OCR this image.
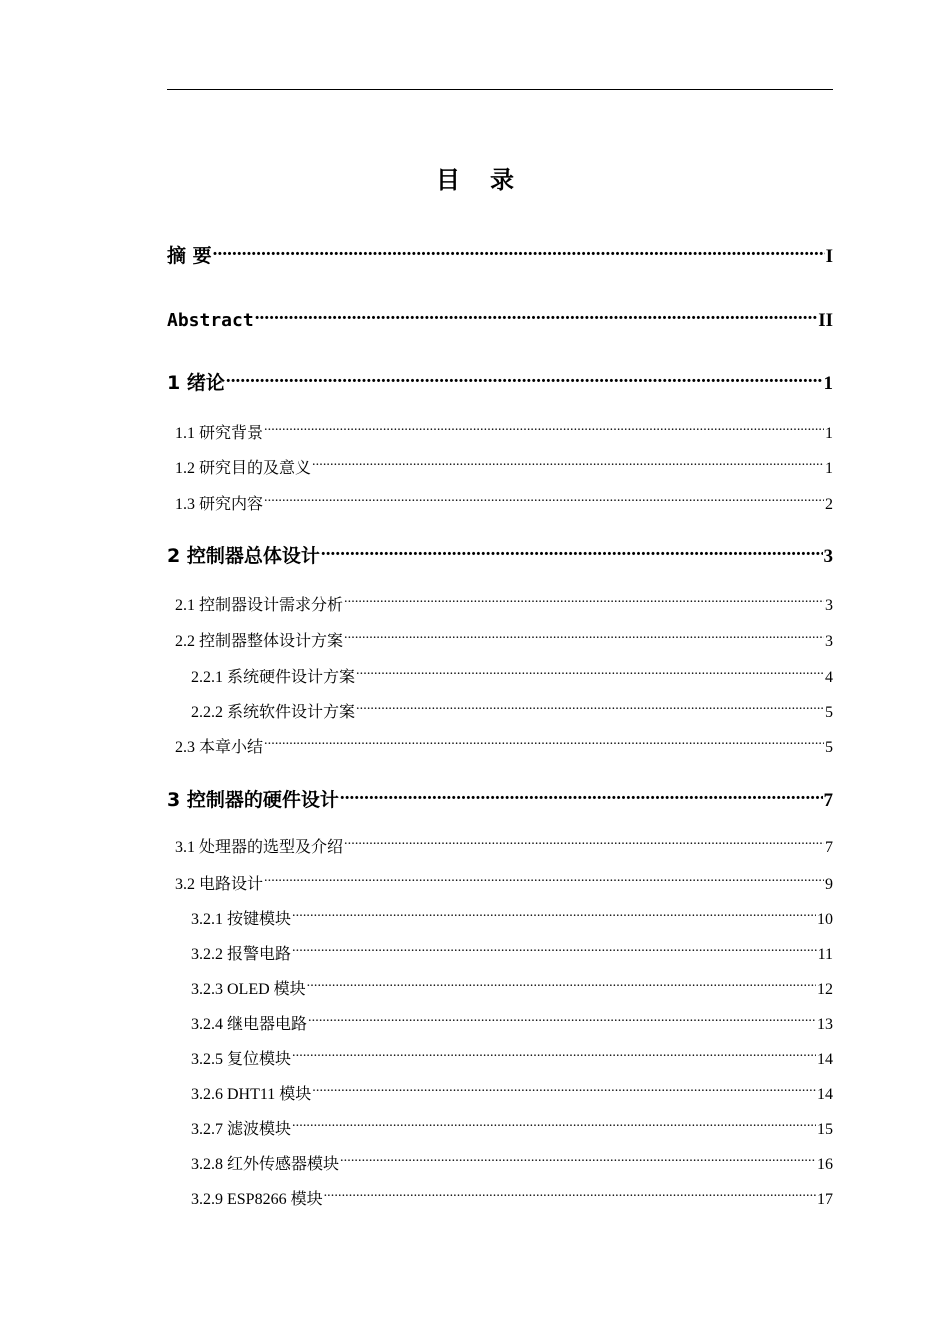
目 录
摘 要 .....	I
Abstract .....	II
1 绪论 .....	1
1.1 研究背景 .....	1
1.2 研究目的及意义 .....	1
1.3 研究内容 .....	2
2 控制器总体设计 .....	3
2.1 控制器设计需求分析 .....	3
2.2 控制器整体设计方案 .....	3
2.2.1 系统硬件设计方案 .....	4
2.2.2 系统软件设计方案 .....	5
2.3 本章小结 .....	5
3 控制器的硬件设计 .....	7
3.1 处理器的选型及介绍 .....	7
3.2 电路设计 .....	9
3.2.1 按键模块 .....	10
3.2.2 报警电路 .....	11
3.2.3 OLED 模块 .....	12
3.2.4 继电器电路 .....	13
3.2.5 复位模块 .....	14
3.2.6 DHT11 模块 .....	14
3.2.7 滤波模块 .....	15
3.2.8 红外传感器模块 .....	16
3.2.9 ESP8266 模块 .....	17
